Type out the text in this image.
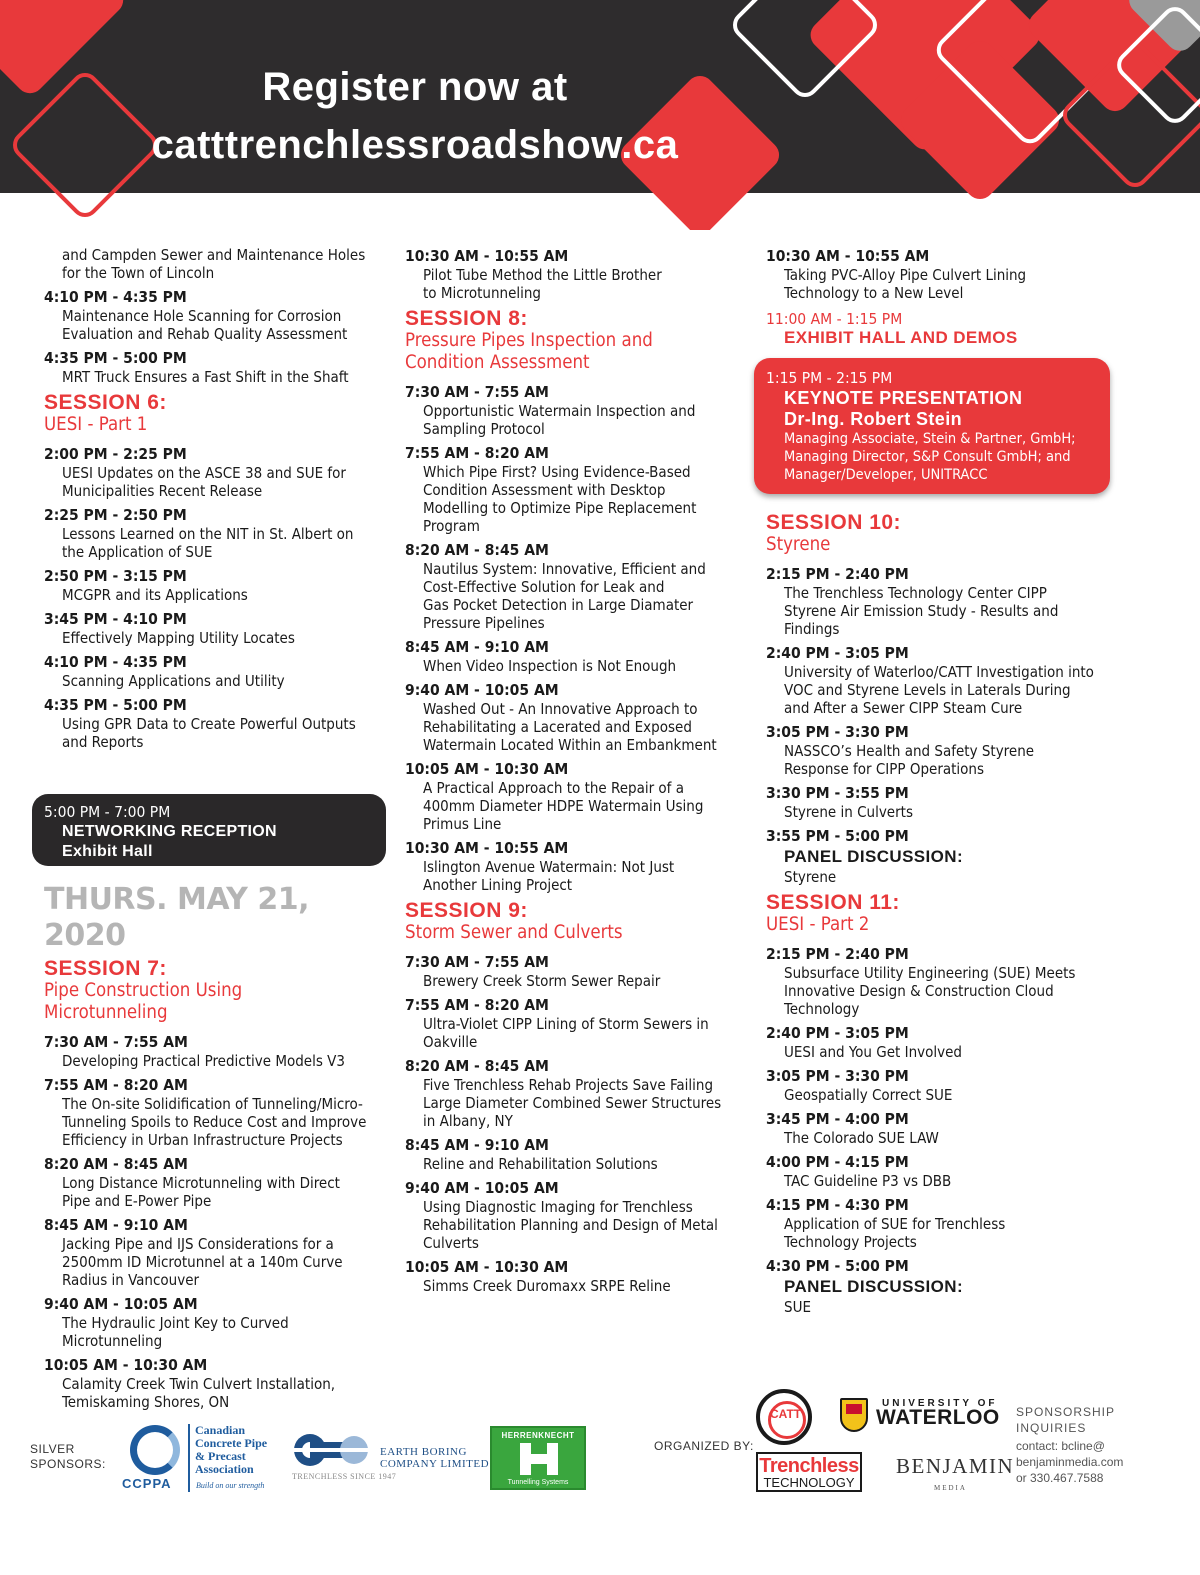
Register now at
catttrenchlessroadshow.ca
and Campden Sewer and Maintenance Holes
for the Town of Lincoln
4:10 PM - 4:35 PM
Maintenance Hole Scanning for Corrosion
Evaluation and Rehab Quality Assessment
4:35 PM - 5:00 PM
MRT Truck Ensures a Fast Shift in the Shaft
SESSION 6:
UESI - Part 1
2:00 PM - 2:25 PM
UESI Updates on the ASCE 38 and SUE for
Municipalities Recent Release
2:25 PM - 2:50 PM
Lessons Learned on the NIT in St. Albert on
the Application of SUE
2:50 PM - 3:15 PM
MCGPR and its Applications
3:45 PM - 4:10 PM
Effectively Mapping Utility Locates
4:10 PM - 4:35 PM
Scanning Applications and Utility
4:35 PM - 5:00 PM
Using GPR Data to Create Powerful Outputs
and Reports
5:00 PM - 7:00 PM
NETWORKING RECEPTION
Exhibit Hall
THURS. MAY 21, 2020
SESSION 7:
Pipe Construction Using
Microtunneling
7:30 AM - 7:55 AM
Developing Practical Predictive Models V3
7:55 AM - 8:20 AM
The On-site Solidification of Tunneling/Micro-
Tunneling Spoils to Reduce Cost and Improve
Efficiency in Urban Infrastructure Projects
8:20 AM - 8:45 AM
Long Distance Microtunneling with Direct
Pipe and E-Power Pipe
8:45 AM - 9:10 AM
Jacking Pipe and IJS Considerations for a
2500mm ID Microtunnel at a 140m Curve
Radius in Vancouver
9:40 AM - 10:05 AM
The Hydraulic Joint Key to Curved
Microtunneling
10:05 AM - 10:30 AM
Calamity Creek Twin Culvert Installation,
Temiskaming Shores, ON
10:30 AM - 10:55 AM
Pilot Tube Method the Little Brother
to Microtunneling
SESSION 8:
Pressure Pipes Inspection and
Condition Assessment
7:30 AM - 7:55 AM
Opportunistic Watermain Inspection and
Sampling Protocol
7:55 AM - 8:20 AM
Which Pipe First? Using Evidence-Based
Condition Assessment with Desktop
Modelling to Optimize Pipe Replacement
Program
8:20 AM - 8:45 AM
Nautilus System: Innovative, Efficient and
Cost-Effective Solution for Leak and
Gas Pocket Detection in Large Diamater
Pressure Pipelines
8:45 AM - 9:10 AM
When Video Inspection is Not Enough
9:40 AM - 10:05 AM
Washed Out - An Innovative Approach to
Rehabilitating a Lacerated and Exposed
Watermain Located Within an Embankment
10:05 AM - 10:30 AM
A Practical Approach to the Repair of a
400mm Diameter HDPE Watermain Using
Primus Line
10:30 AM - 10:55 AM
Islington Avenue Watermain: Not Just
Another Lining Project
SESSION 9:
Storm Sewer and Culverts
7:30 AM - 7:55 AM
Brewery Creek Storm Sewer Repair
7:55 AM - 8:20 AM
Ultra-Violet CIPP Lining of Storm Sewers in
Oakville
8:20 AM - 8:45 AM
Five Trenchless Rehab Projects Save Failing
Large Diameter Combined Sewer Structures
in Albany, NY
8:45 AM - 9:10 AM
Reline and Rehabilitation Solutions
9:40 AM - 10:05 AM
Using Diagnostic Imaging for Trenchless
Rehabilitation Planning and Design of Metal
Culverts
10:05 AM - 10:30 AM
Simms Creek Duromaxx SRPE Reline
10:30 AM - 10:55 AM
Taking PVC-Alloy Pipe Culvert Lining
Technology to a New Level
11:00 AM - 1:15 PM
EXHIBIT HALL AND DEMOS
1:15 PM - 2:15 PM
KEYNOTE PRESENTATION
Dr-Ing. Robert Stein
Managing Associate, Stein & Partner, GmbH;
Managing Director, S&P Consult GmbH; and
Manager/Developer, UNITRACC
SESSION 10:
Styrene
2:15 PM - 2:40 PM
The Trenchless Technology Center CIPP
Styrene Air Emission Study - Results and
Findings
2:40 PM - 3:05 PM
University of Waterloo/CATT Investigation into
VOC and Styrene Levels in Laterals During
and After a Sewer CIPP Steam Cure
3:05 PM - 3:30 PM
NASSCO’s Health and Safety Styrene
Response for CIPP Operations
3:30 PM - 3:55 PM
Styrene in Culverts
3:55 PM - 5:00 PM
PANEL DISCUSSION:
Styrene
SESSION 11:
UESI - Part 2
2:15 PM - 2:40 PM
Subsurface Utility Engineering (SUE) Meets
Innovative Design & Construction Cloud
Technology
2:40 PM - 3:05 PM
UESI and You Get Involved
3:05 PM - 3:30 PM
Geospatially Correct SUE
3:45 PM - 4:00 PM
The Colorado SUE LAW
4:00 PM - 4:15 PM
TAC Guideline P3 vs DBB
4:15 PM - 4:30 PM
Application of SUE for Trenchless
Technology Projects
4:30 PM - 5:00 PM
PANEL DISCUSSION:
SUE
SILVER
SPONSORS:
CCPPA
Canadian
Concrete Pipe
& Precast
Association
Build on our strength
EARTH BORING
COMPANY LIMITED
TRENCHLESS SINCE 1947
HERRENKNECHT
Tunnelling Systems
ORGANIZED BY:
CATT
UNIVERSITY OF
WATERLOO
Trenchless
TECHNOLOGY
BENJAMIN
MEDIA
SPONSORSHIP
INQUIRIES
contact: bcline@
benjaminmedia.com
or 330.467.7588
